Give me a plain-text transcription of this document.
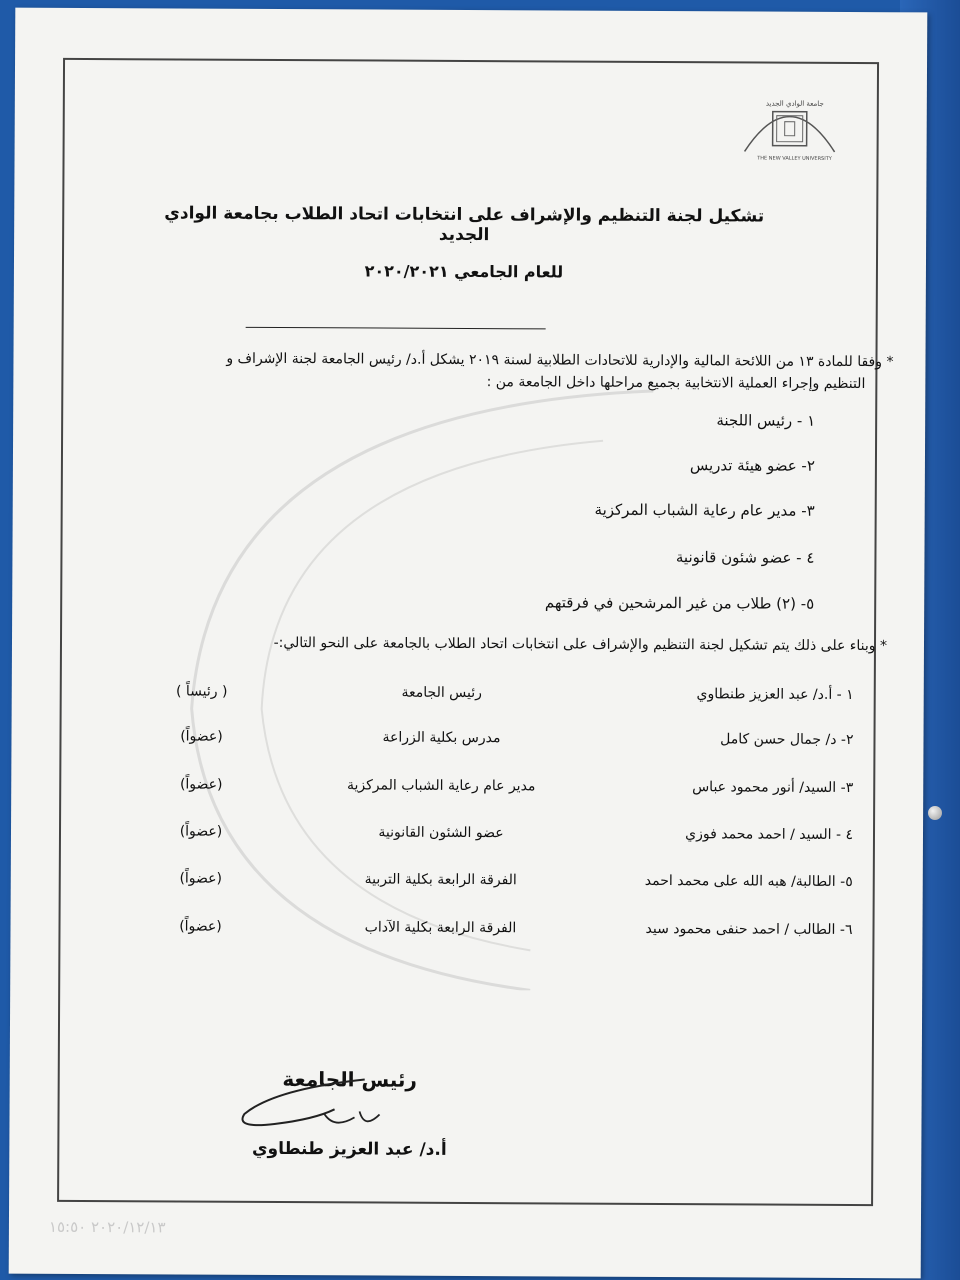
جامعة الوادي الجديد
THE NEW VALLEY UNIVERSITY
تشكيل لجنة التنظيم والإشراف على انتخابات اتحاد الطلاب بجامعة الوادي الجديد
للعام الجامعي ٢٠٢٠/٢٠٢١
* وفقا للمادة ١٣ من اللائحة المالية والإدارية للاتحادات الطلابية لسنة ٢٠١٩ يشكل أ.د/ رئيس الجامعة لجنة الإشراف و
التنظيم وإجراء العملية الانتخابية بجميع مراحلها داخل الجامعة من :
١ - رئيس اللجنة
٢- عضو هيئة تدريس
٣- مدير عام رعاية الشباب المركزية
٤ - عضو شئون قانونية
٥- (٢) طلاب من غير المرشحين في فرقتهم
* وبناء على ذلك يتم تشكيل لجنة التنظيم والإشراف على انتخابات اتحاد الطلاب بالجامعة على النحو التالي:-
١ - أ.د/ عبد العزيز طنطاوي
رئيس الجامعة
( رئيساً )
٢- د/ جمال حسن كامل
مدرس بكلية الزراعة
(عضواً)
٣- السيد/ أنور محمود عباس
مدير عام رعاية الشباب المركزية
(عضواً)
٤ - السيد / احمد محمد فوزي
عضو الشئون القانونية
(عضواً)
٥- الطالبة/ هبه الله على محمد احمد
الفرقة الرابعة بكلية التربية
(عضواً)
٦- الطالب / احمد حنفى محمود سيد
الفرقة الرابعة بكلية الآداب
(عضواً)
رئيس الجامعة
أ.د/ عبد العزيز طنطاوي
٢٠٢٠/١٢/١٣ ١٥:٥٠
